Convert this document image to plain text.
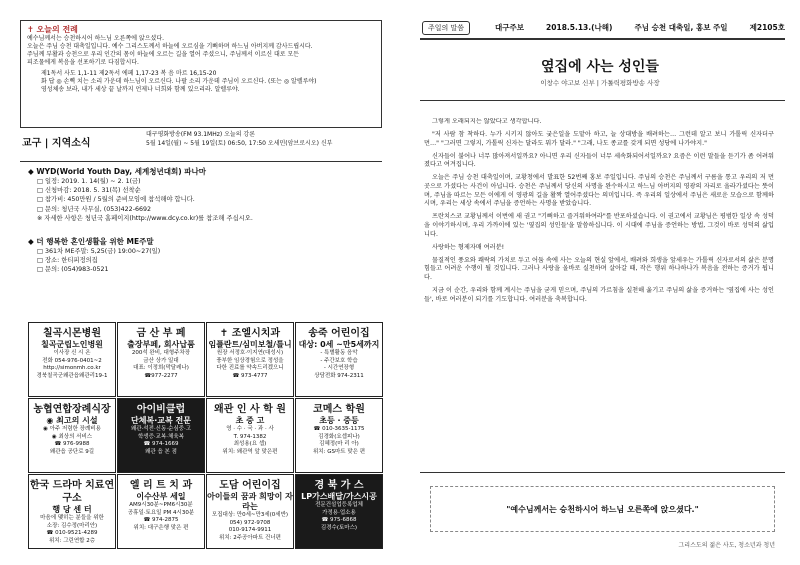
✝ 오늘의 전례

예수님께서는 승천하시어 하느님 오른쪽에 앉으셨다.

오늘은 주님 승천 대축일입니다. 예수 그리스도께서 하늘에 오르심을 기뻐하며 하느님 아버지께 감사드립시다.

주님께 부활과 승천으로 우리 인간의 몸이 하늘에 오르는 길을 열어 주셨으니, 주님께서 이르신 대로 모든

피조물에게 복음을 선포하기로 다짐합시다.

제1독서 사도 1,1-11 제2독서 에페 1,17-23 복 음 마르 16,15-20

화 답 ◎ 손뼉 치는 소리 가운데 하느님이 오르신다. 나팔 소리 가운데 주님이 오르신다. (또는 ◎ 알렐루야)

영성체송 보라, 내가 세상 끝 날까지 언제나 너희와 함께 있으리라. 알렐루야.

교구 | 지역소식
대구평화방송(FM 93.1MHz) 오늘의 강론
5월 14일(월) ~ 5월 19일(토) 06:50, 17:50 오세민(암브로시오) 신부
◆ WYD(World Youth Day, 세계청년대회) 파나마
□ 일정: 2019. 1. 14(월) ~ 2. 1(금)
□ 신청마감: 2018. 5. 31(목) 선착순
□ 참가비: 450만원 / 5월의 준비모임에 참석해야 합니다.
□ 문의: 청년국 사무실, (053)422-6692
※ 자세한 사항은 청년국 홈페이지(http://www.dcy.co.kr)를 참조해 주십시오.
◆ 더 행복한 혼인생활을 위한 ME주말
□ 361차 ME주말: 5,25(금) 19:00~27(일)
□ 장소: 한티피정의집
□ 문의: (054)983-0521
칠곡시몬병원
칠곡군립노인병원
이사장 신 시 온
전화 054-976-0401~2
http://simonmh.co.kr
경북칠곡군왜관읍왜관리19-1
금 산 부 페
출장부페, 회사납품
200석 완비, 대형주차장
금산 상가 일대
대표: 이정희(막달레나)
☎977-2277
✝ 조엘시치과
임플란트/심미보철/틀니
원장 서정호·이지연(대성시)
풍부한 임상경험으로 정성을
다한 진료를 약속드리겠으니
☎ 973-4777
송죽 어린이집
대상: 0세 ~만5세까지
- 특별활동 음악
- 주간보호 학습
- 시간연장형
상담전화 974-2311
농협연합장례식장
◉ 최고의 시설
◉ 아주 저렴한 장례비용
◉ 최상의 서비스
☎ 976-9988
왜관읍 공단로 9길
아이비클럽
단체복·교복 전문
왜관·석전·신동·순심중·고
학생증·교복·체육복
☎ 974-1669
왜관 읍 본 점
왜관 인 사 학 원
초 중 고
영 · 수 · 국 · 과 · 사
T. 974-1382
최성용(요 셉)
위치: 왜관역 앞 맞은편
코메스 학원
초등 · 중등
☎ 010-3635-1175
김경화(요셉피나)
김혜정(마 리 아)
위치: GS마트 맞은 편
한국 드라마 치료연구소
행 당 센 터
마음에 맺히는 분들을 위한
소장: 김수정(마리안)
☎ 010-9521-4289
위치: 그린연합 2층
엘 리 트 치 과
이수산부 세일
AM9시30분~PM6시30분
공휴일·토요일 PM 4시30분
☎ 974-2875
위치: 대구은행 맞은 편
도담 어린이집
아이들의 꿈과 희망이 자라는
모집대상: 만0세~만3세(0세반)
054) 972-9708
010-9174-9911
위치: 2주공아파트 건너편
경 북 가 스
LP가스배달/가스시공
전문건설업등록업체
가정용·업소용
☎ 975-6868
김경수(토마스)
주일의 말씀	대구주보	2018.5.13.(나해)	주님 승천 대축일, 홍보 주일	제2105호
옆집에 사는 성인들
이창수 야고보 신부 | 가톨릭평화방송 사장

그렇게 오래되지는 않았다고 생각합니다.

"저 사람 참 착하다. 누가 시키지 않아도 궂은일을 도맡아 하고, 늘 상대방을 배려하는… 그런데 알고 보니 가톨릭 신자더구먼…" "그러면 그렇지, 가톨릭 신자는 달라도 뭐가 달라." "그래, 나도 종교를 갖게 되면 성당에 나가야지."

신자들이 불어나 너무 많아져서일까요? 아니면 우리 신자들이 너무 세속화되어서일까요? 요즘은 이런 말들을 듣기가 좀 어려워졌다고 여겨집니다.

오늘은 주님 승천 대축일이며, 교황청에서 발표한 52번째 홍보 주일입니다. 주님의 승천은 주님께서 구름을 통고 우리의 저 먼 곳으로 가셨다는 사건이 아닙니다. 승천은 주님께서 당신의 사명을 완수하시고 하느님 아버지의 영광의 자리로 올라가셨다는 뜻이며, 주님을 따르는 모든 이에게 이 영광의 길을 활짝 열어주셨다는 의미입니다. 즉 우리의 일상에서 주님은 새로운 모습으로 함께하시며, 우리는 세상 속에서 주님을 증언하는 사명을 받았습니다.

프란치스코 교황님께서 이번에 새 권고 "기뻐하고 즐거워하여라"를 반포하셨습니다. 이 권고에서 교황님은 평범한 일상 속 성덕을 이야기하시며, 우리 가까이에 있는 '옆집의 성인들'을 말씀하십니다. 이 시대에 주님을 증언하는 방법, 그것이 바로 성덕의 삶입니다.

사랑하는 형제자매 여러분!

물질적인 풍요와 쾌락의 가치로 두고 어둠 속에 사는 오늘의 현실 앞에서, 배려와 희생을 앞세우는 가톨릭 신자로서의 삶은 분명 힘들고 어려운 수행이 될 것입니다. 그러나 사랑을 올바로 실천하며 살아갈 때, 작은 행위 하나하나가 복음을 전하는 증거가 됩니다.

지금 이 순간, 우리와 함께 계시는 주님을 굳게 믿으며, 주님의 가르침을 실천해 옮기고 주님의 삶을 증거하는 '옆집에 사는 성인들', 바로 여러분이 되기를 기도합니다. 여러분을 축복합니다.

"예수님께서는 승천하시어 하느님 오른쪽에 앉으셨다."
그리스도의 젊은 사도, 청소년과 청년
